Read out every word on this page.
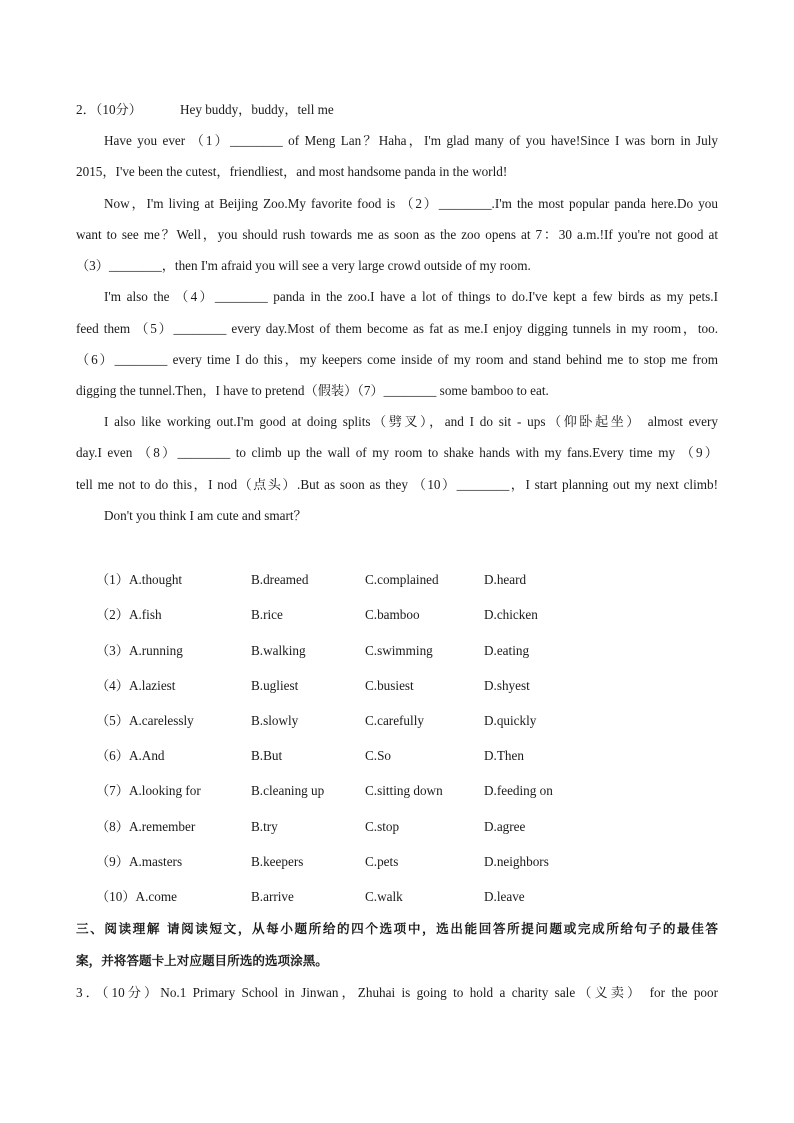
2．（10分）	Hey buddy，buddy，tell me
Have you ever （1）________ of Meng Lan？Haha，I'm glad many of you have!Since I was born in July
2015，I've been the cutest，friendliest，and most handsome panda in the world!
Now，I'm living at Beijing Zoo.My favorite food is （2）________.I'm the most popular panda here.Do you
want to see me？Well，you should rush towards me as soon as the zoo opens at 7：30 a.m.!If you're not good at
（3）________，then I'm afraid you will see a very large crowd outside of my room.
I'm also the （4）________ panda in the zoo.I have a lot of things to do.I've kept a few birds as my pets.I
feed them （5）________ every day.Most of them become as fat as me.I enjoy digging tunnels in my room，too.
（6）________ every time I do this，my keepers come inside of my room and stand behind me to stop me from
digging the tunnel.Then，I have to pretend（假装）（7）________ some bamboo to eat.
I also like working out.I'm good at doing splits（劈叉），and I do sit - ups（仰卧起坐） almost every
day.I even （8）________ to climb up the wall of my room to shake hands with my fans.Every time my （9）
tell me not to do this，I nod（点头）.But as soon as they （10）________，I start planning out my next climb!
Don't you think I am cute and smart？
（1）A.thought	B.dreamed	C.complained	D.heard
（2）A.fish	B.rice	C.bamboo	D.chicken
（3）A.running	B.walking	C.swimming	D.eating
（4）A.laziest	B.ugliest	C.busiest	D.shyest
（5）A.carelessly	B.slowly	C.carefully	D.quickly
（6）A.And	B.But	C.So	D.Then
（7）A.looking for	B.cleaning up	C.sitting down	D.feeding on
（8）A.remember	B.try	C.stop	D.agree
（9）A.masters	B.keepers	C.pets	D.neighbors
（10）A.come	B.arrive	C.walk	D.leave
三、阅读理解 请阅读短文，从每小题所给的四个选项中，选出能回答所提问题或完成所给句子的最佳答
案，并将答题卡上对应题目所选的选项涂黑。
3．（10分）No.1 Primary School in Jinwan，Zhuhai is going to hold a charity sale（义卖） for the poor
